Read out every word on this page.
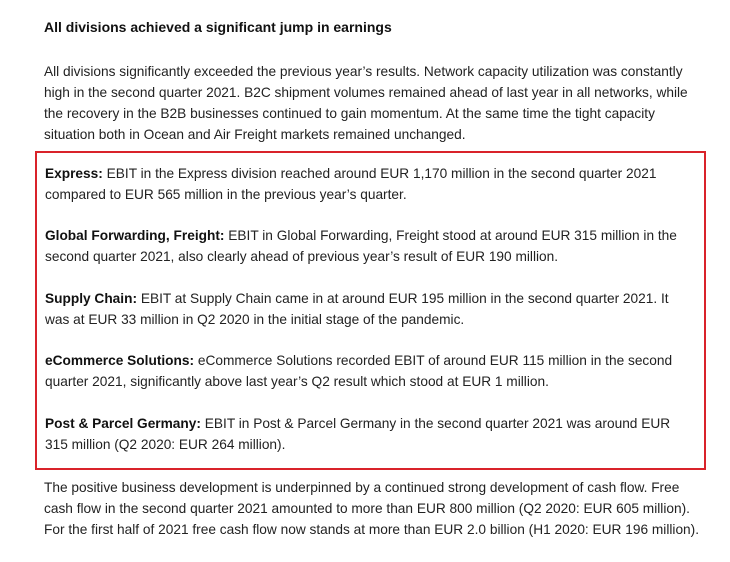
All divisions achieved a significant jump in earnings

All divisions significantly exceeded the previous year’s results. Network capacity utilization was constantly high in the second quarter 2021. B2C shipment volumes remained ahead of last year in all networks, while the recovery in the B2B businesses continued to gain momentum. At the same time the tight capacity situation both in Ocean and Air Freight markets remained unchanged.

Express: EBIT in the Express division reached around EUR 1,170 million in the second quarter 2021 compared to EUR 565 million in the previous year’s quarter.

Global Forwarding, Freight: EBIT in Global Forwarding, Freight stood at around EUR 315 million in the second quarter 2021, also clearly ahead of previous year’s result of EUR 190 million.

Supply Chain: EBIT at Supply Chain came in at around EUR 195 million in the second quarter 2021. It was at EUR 33 million in Q2 2020 in the initial stage of the pandemic.

eCommerce Solutions: eCommerce Solutions recorded EBIT of around EUR 115 million in the second quarter 2021, significantly above last year’s Q2 result which stood at EUR 1 million.

Post & Parcel Germany: EBIT in Post & Parcel Germany in the second quarter 2021 was around EUR 315 million (Q2 2020: EUR 264 million).

The positive business development is underpinned by a continued strong development of cash flow. Free cash flow in the second quarter 2021 amounted to more than EUR 800 million (Q2 2020: EUR 605 million). For the first half of 2021 free cash flow now stands at more than EUR 2.0 billion (H1 2020: EUR 196 million).
